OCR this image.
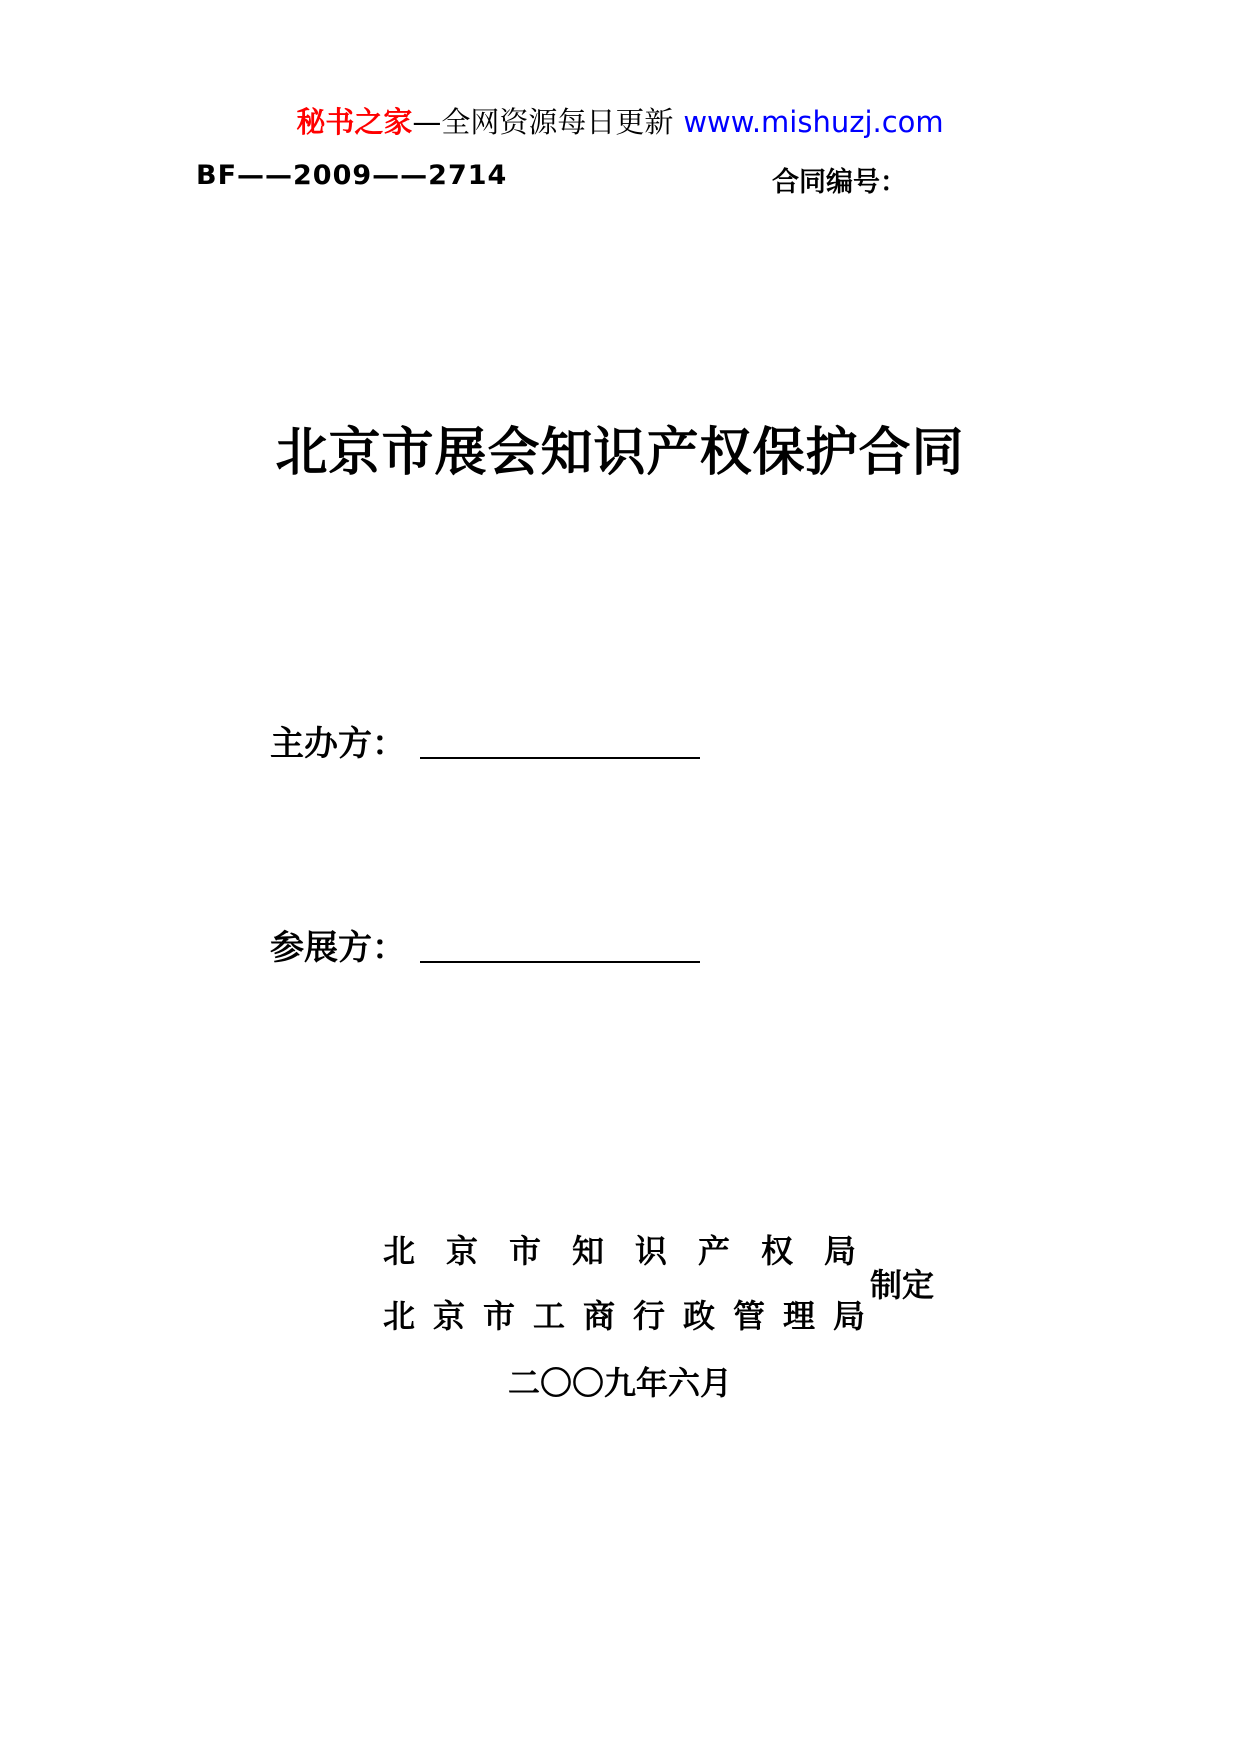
秘书之家—全网资源每日更新 www.mishuzj.com
BF——2009——2714	合同编号：
北京市展会知识产权保护合同
主办方：
参展方：
北京市知识产权局
北京市工商行政管理局
制定
二〇〇九年六月
